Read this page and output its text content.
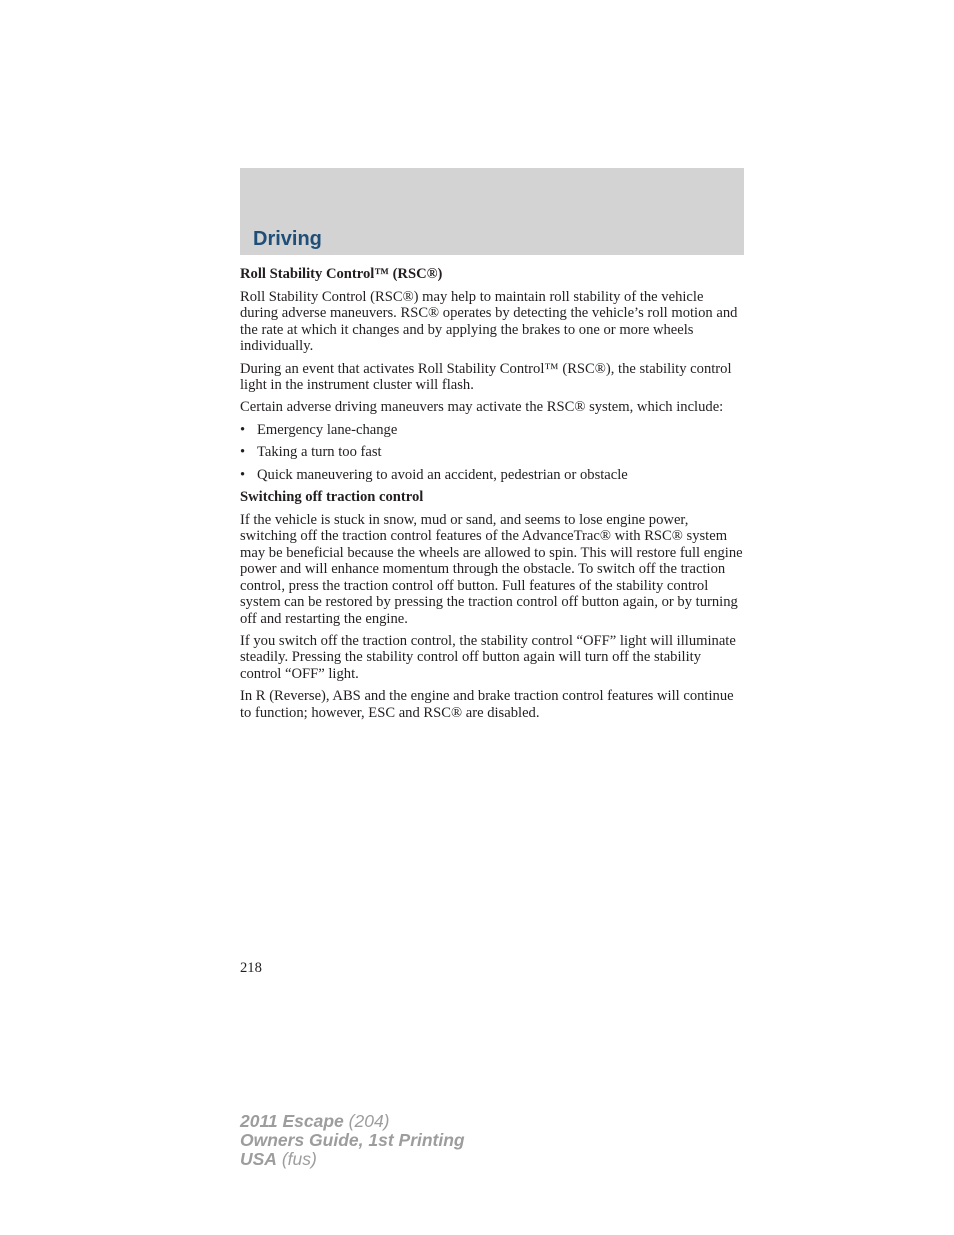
Driving
Roll Stability Control™ (RSC®)

Roll Stability Control (RSC®) may help to maintain roll stability of the vehicle during adverse maneuvers. RSC® operates by detecting the vehicle’s roll motion and the rate at which it changes and by applying the brakes to one or more wheels individually.

During an event that activates Roll Stability Control™ (RSC®), the stability control light in the instrument cluster will flash.

Certain adverse driving maneuvers may activate the RSC® system, which include:

• Emergency lane-change
• Taking a turn too fast
• Quick maneuvering to avoid an accident, pedestrian or obstacle
Switching off traction control

If the vehicle is stuck in snow, mud or sand, and seems to lose engine power, switching off the traction control features of the AdvanceTrac® with RSC® system may be beneficial because the wheels are allowed to spin. This will restore full engine power and will enhance momentum through the obstacle. To switch off the traction control, press the traction control off button. Full features of the stability control system can be restored by pressing the traction control off button again, or by turning off and restarting the engine.

If you switch off the traction control, the stability control “OFF” light will illuminate steadily. Pressing the stability control off button again will turn off the stability control “OFF” light.

In R (Reverse), ABS and the engine and brake traction control features will continue to function; however, ESC and RSC® are disabled.

218
2011 Escape (204)
Owners Guide, 1st Printing
USA (fus)
